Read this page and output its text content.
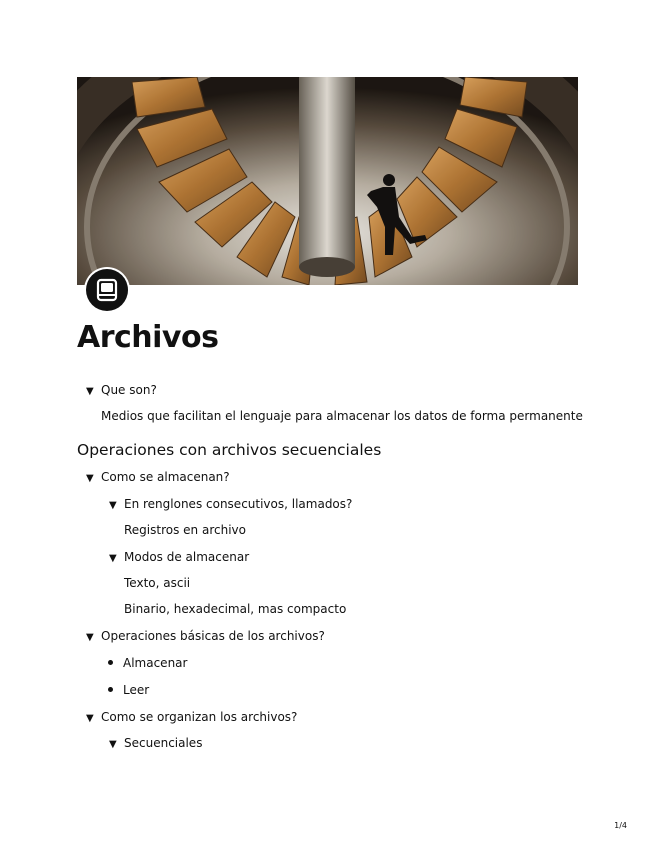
Archivos
▼ Que son?
Medios que facilitan el lenguaje para almacenar los datos de forma permanente
Operaciones con archivos secuenciales
▼ Como se almacenan?
▼ En renglones consecutivos, llamados?
Registros en archivo
▼ Modos de almacenar
Texto, ascii
Binario, hexadecimal, mas compacto
▼ Operaciones básicas de los archivos?
Almacenar
Leer
▼ Como se organizan los archivos?
▼ Secuenciales
1/4
